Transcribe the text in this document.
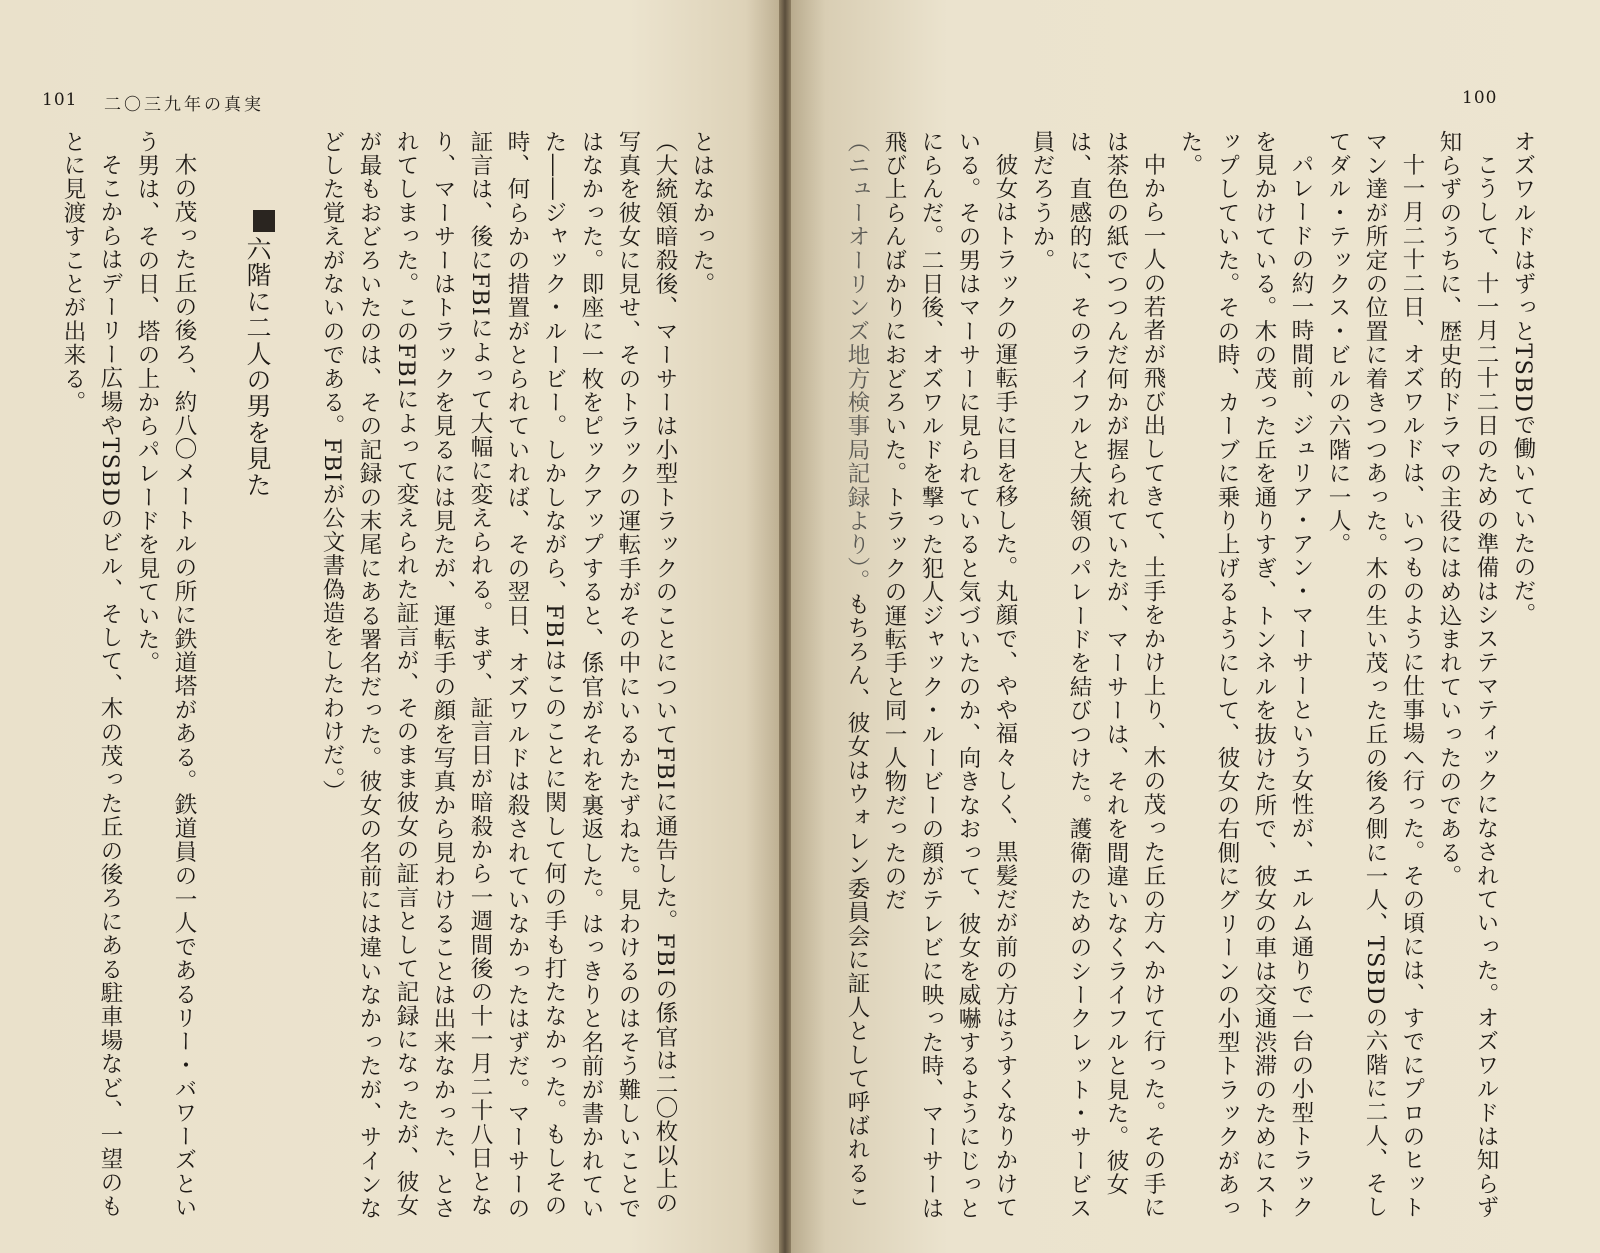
101 二〇三九年の真実

とはなかった。

（大統領暗殺後、マーサーは小型トラックのことについてFBIに通告した。FBIの係官は二〇枚以上の写真を彼女に見せ、そのトラックの運転手がその中にいるかたずねた。見わけるのはそう難しいことではなかった。即座に一枚をピックアップすると、係官がそれを裏返した。はっきりと名前が書かれていた――ジャック・ルービー。しかしながら、FBIはこのことに関して何の手も打たなかった。もしその時、何らかの措置がとられていれば、その翌日、オズワルドは殺されていなかったはずだ。マーサーの証言は、後にFBIによって大幅に変えられる。まず、証言日が暗殺から一週間後の十一月二十八日となり、マーサーはトラックを見るには見たが、運転手の顔を写真から見わけることは出来なかった、とされてしまった。このFBIによって変えられた証言が、そのまま彼女の証言として記録になったが、彼女が最もおどろいたのは、その記録の末尾にある署名だった。彼女の名前には違いなかったが、サインなどした覚えがないのである。FBIが公文書偽造をしたわけだ。）

六階に二人の男を見た

木の茂った丘の後ろ、約八〇メートルの所に鉄道塔がある。鉄道員の一人であるリー・バワーズという男は、その日、塔の上からパレードを見ていた。

そこからはデーリー広場やTSBDのビル、そして、木の茂った丘の後ろにある駐車場など、一望のもとに見渡すことが出来る。

100

オズワルドはずっとTSBDで働いていたのだ。

こうして、十一月二十二日のための準備はシステマティックになされていった。オズワルドは知らず知らずのうちに、歴史的ドラマの主役にはめ込まれていったのである。

十一月二十二日、オズワルドは、いつものように仕事場へ行った。その頃には、すでにプロのヒットマン達が所定の位置に着きつつあった。木の生い茂った丘の後ろ側に一人、TSBDの六階に二人、そしてダル・テックス・ビルの六階に一人。

パレードの約一時間前、ジュリア・アン・マーサーという女性が、エルム通りで一台の小型トラックを見かけている。木の茂った丘を通りすぎ、トンネルを抜けた所で、彼女の車は交通渋滞のためにストップしていた。その時、カーブに乗り上げるようにして、彼女の右側にグリーンの小型トラックがあった。

中から一人の若者が飛び出してきて、土手をかけ上り、木の茂った丘の方へかけて行った。その手には茶色の紙でつつんだ何かが握られていたが、マーサーは、それを間違いなくライフルと見た。彼女は、直感的に、そのライフルと大統領のパレードを結びつけた。護衛のためのシークレット・サービス員だろうか。

彼女はトラックの運転手に目を移した。丸顔で、やや福々しく、黒髪だが前の方はうすくなりかけている。その男はマーサーに見られていると気づいたのか、向きなおって、彼女を威嚇するようにじっとにらんだ。二日後、オズワルドを撃った犯人ジャック・ルービーの顔がテレビに映った時、マーサーは飛び上らんばかりにおどろいた。トラックの運転手と同一人物だったのだ

（ニューオーリンズ地方検事局記録より）。もちろん、彼女はウォレン委員会に証人として呼ばれるこ
